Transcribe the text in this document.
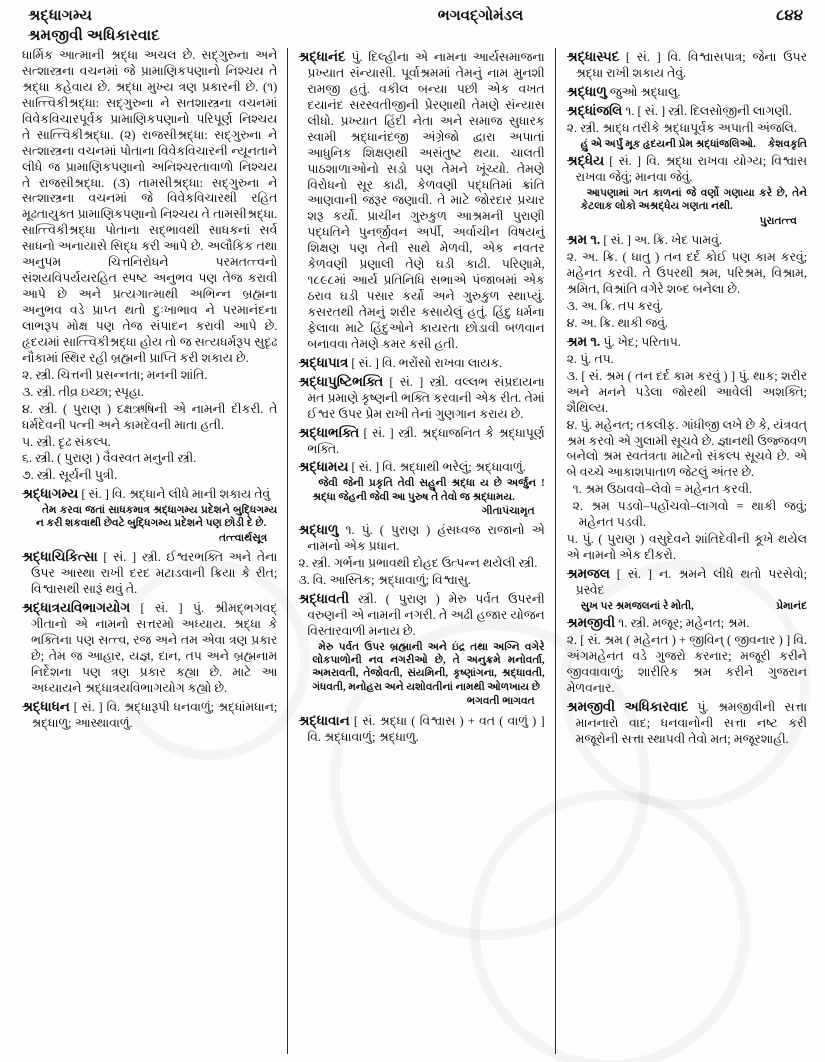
શ્રદ્ધાગમ્ય
શ્રમજીવી અધિકારવાદ
ભગવદ્ગોમંડલ	૮૪૪

ધાર્મિક આત્માની શ્રદ્ધા અચલ છે. સદ્ગુરુના અને સત્શાસ્ત્રના વચનમાં જે પ્રામાણિકપણાનો નિશ્ચય તે શ્રદ્ધા કહેવાય છે. શ્રદ્ધા મુખ્ય ત્રણ પ્રકારની છે. (૧) સાત્ત્વિકીશ્રદ્ધા: સદ્ગુરુના ને સતશાસ્ત્રના વચનમાં વિવેકવિચારપૂર્વક પ્રામાણિકપણાનો પરિપૂર્ણ નિશ્ચય તે સાત્ત્વિકીશ્રદ્ધા. (૨) રાજસીશ્રદ્ધા: સદ્ગુરુના ને સત્શાસ્ત્રના વચનમાં પોતાના વિવેકવિચારની ન્યૂનતાને લીધે જ પ્રામાણિકપણાનો અનિશ્ચરતાવાળો નિશ્ચય તે રાજસીશ્રદ્ધા. (૩) તામસીશ્રદ્ધા: સદ્ગુરુના ને સત્શાસ્ત્રના વચનમાં જે વિવેકવિચારથી રહિત મૂઢતાયુક્ત પ્રામાણિકપણાનો નિશ્ચય તે તામસીશ્રદ્ધા. સાત્ત્વિકીશ્રદ્ધા પોતાના સદ્ભાવથી સાધકનાં સર્વ સાધનો અનાયાસે સિદ્ધ કરી આપે છે. અલૌકિક તથા અનુપમ ચિત્તનિરોધને પરમતત્ત્વનો સંશયવિપર્યયરહિત સ્પષ્ટ અનુભવ પણ તેજ કરાવી આપે છે અને પ્રત્યગાત્માથી અભિન્ન બ્રહ્મના અનુભવ વડે પ્રાપ્ત થતો દુઃખાભાવ ને પરમાનંદના લાભરૂપ મોક્ષ પણ તેજ સંપાદન કરાવી આપે છે. હૃદયમાં સાત્ત્વિકીશ્રદ્ધા હોય તો જ સત્યધર્મરૂપ સુદૃઢ નૌકામાં સ્થિર રહી બ્રહ્મની પ્રાપ્તિ કરી શકાય છે.

૨. સ્ત્રી. ચિત્તની પ્રસન્નતા; મનની શાંતિ.

૩. સ્ત્રી. તીવ્ર ઇચ્છા; સ્પૃહા.

૪. સ્ત્રી. ( પુરાણ ) દક્ષઋષિની એ નામની દીકરી. તે ધર્મદેવની પત્ની અને કામદેવની માતા હતી.

૫. સ્ત્રી. દૃઢ સંકલ્પ.

૬. સ્ત્રી. ( પુરાણ ) વૈવસ્વત મનુની સ્ત્રી.

૭. સ્ત્રી. સૂર્યની પુત્રી.

શ્રદ્ધાગમ્ય [ સં. ] વિ. શ્રદ્ધાને લીધે માની શકાય તેવું

તેમ કરવા જતાં સાધકમાત્ર શ્રદ્ધાગમ્ય પ્રદેશને બુદ્ધિગમ્ય ન કરી શકવાથી છેવટે બુદ્ધિગમ્ય પ્રદેશને પણ છોડી દે છે.

તત્ત્વાર્થસૂત્ર

શ્રદ્ધાચિકિત્સા [ સં. ] સ્ત્રી. ઈશ્વરભક્તિ અને તેના ઉપર આસ્થા રાખી દરદ મટાડવાની ક્રિયા કે રીત; વિશ્વાસથી સારૂં થવું તે.

શ્રદ્ધાત્રયવિભાગયોગ [ સં. ] પું. શ્રીમદ્ભગવદ્ ગીતાનો એ નામનો સત્તરમો અધ્યાય. શ્રદ્ધા કે ભક્તિના પણ સત્ત્વ, રજ અને તમ એવા ત્રણ પ્રકાર છે; તેમ જ આહાર, યજ્ઞ, દાન, તપ અને બ્રહ્મનામ નિર્દેશના પણ ત્રણ પ્રકાર કહ્યા છે. માટે આ અધ્યાયને શ્રદ્ધાત્રયવિભાગયોગ કહ્યો છે.

શ્રદ્ધાધન [ સં. ] વિ. શ્રદ્ધારૂપી ધનવાળું; શ્રદ્ધાંમધાન; શ્રદ્ધાળુ; આસ્થાવાળું.

શ્રદ્ધાનંદ પું. દિલ્હીના એ નામના આર્યસમાજના પ્રખ્યાત સંન્યાસી. પૂર્વાશ્રમમાં તેમનું નામ મુનશી રામજી હતું. વકીલ બન્યા પછી એક વખત દયાનંદ સરસ્વતીજીની પ્રેરણાથી તેમણે સંન્યાસ લીધો. પ્રખ્યાત હિંદી નેતા અને સમાજ સુધારક સ્વામી શ્રદ્ધાનંદજી અંગ્રેજો દ્વારા અપાતાં આધુનિક શિક્ષણથી અસંતુષ્ટ થયા. ચાલતી પાઠશાળાઓનો સડો પણ તેમને ખૂંચ્યો. તેમણે વિરોધનો સૂર કાઢી, કેળવણી પદ્ધતિમાં ક્રાંતિ આણવાની જરૂર જણાવી. તે માટે જોરદાર પ્રચાર શરૂ કર્યો. પ્રાચીન ગુરુકુળ આશ્રમની પુરાણી પદ્ધતિને પુનર્જીવન અર્પી, અર્વાચીન વિષયનું શિક્ષણ પણ તેની સાથે મેળવી, એક નવતર કેળવણી પ્રણાલી તેણે ઘડી કાઢી. પરિણામે, ૧૮૯૮માં આર્ય પ્રતિનિધિ સભાએ પંજાબમાં એક ઠરાવ ઘડી પસાર કર્યો અને ગુરુકુળ સ્થાપ્યું. કસરતથી તેમનું શરીર કસાયેલું હતું. હિંદુ ધર્મના ફેલાવા માટે હિંદુઓને કાયરતા છોડાવી બળવાન બનાવવા તેમણે કમર કસી હતી.

શ્રદ્ધાપાત્ર [ સં. ] વિ. ભરોંસો રાખવા લાયક.

શ્રદ્ધાપુષ્ટિભક્તિ [ સં. ] સ્ત્રી. વલ્લભ સંપ્રદાયના મત પ્રમાણે કૃષ્ણની ભક્તિ કરવાની એક રીત. તેમાં ઈશ્વર ઉપર પ્રેમ રાખી તેનાં ગુણગાન કરાય છે.

શ્રદ્ધાભક્તિ [ સં. ] સ્ત્રી. શ્રદ્ધાજનિત કે શ્રદ્ધાપૂર્ણ ભક્તિ.

શ્રદ્ધામય [ સં. ] વિ. શ્રદ્ધાથી ભરેલું; શ્રદ્ધાવાળું.

જેવી જેની પ્રકૃતિ તેવી સહુની શ્રદ્ધા ય છે અર્જુન ! શ્રદ્ધા જેહની જેવી આ પુરુષ તે તેવો જ શ્રદ્ધામય.

ગીતાપંચામૃત

શ્રદ્ધાળુ ૧. પું. ( પુરાણ ) હંસધ્વજ રાજાનો એ નામનો એક પ્રધાન.

૨. સ્ત્રી. ગર્ભના પ્રભાવથી દોહદ ઉત્પન્ન થયેલી સ્ત્રી.

૩. વિ. આસ્તિક; શ્રદ્ધાવાળું; વિશ્વાસુ.

શ્રદ્ધાવતી સ્ત્રી. ( પુરાણ ) મેરુ પર્વત ઉપરની વરુણની એ નામની નગરી. તે અઢી હજાર યોજન વિસ્તારવાળી મનાય છે.

મેરુ પર્વત ઉપર બ્રહ્માની અને ઇંદ્ર તથા અગ્નિ વગેરે લોકપાળોની નવ નગરીઓ છે, તે અનુક્રમે મનોવર્તા, અમરાવતી, તેજોવતી, સંયમિની, કૃષ્ણાંગના, શ્રદ્ધાવતી, ગંધવતી, મનોહરા અને યશોવતીનાં નામથી ઓળખાય છે

ભગવતી ભાગવત

શ્રદ્ધાવાન [ સં. શ્રદ્ધા ( વિશ્વાસ ) + વત ( વાળું ) ] વિ. શ્રદ્ધાવાળું; શ્રદ્ધાળુ.

શ્રદ્ધાસ્પદ [ સં. ] વિ. વિશ્વાસપાત્ર; જેના ઉપર શ્રદ્ધા રાખી શકાય તેવું.

શ્રદ્ધાળુ જુઓ શ્રદ્ધાલુ.

શ્રદ્ધાંજલિ ૧. [ સં. ] સ્ત્રી. દિલસોજીની લાગણી.

૨. સ્ત્રી. શ્રાદ્ધ તરીકે શ્રદ્ધાપૂર્વક અપાતી અંજલિ.

હું એ અર્પું મૂક હૃદયની પ્રેમ શ્રદ્ધાંજલિઓ. કેશવકૃતિ

શ્રદ્ધેય [ સં. ] વિ. શ્રદ્ધા રાખવા યોગ્ય; વિશ્વાસ રાખવા જેવું; માનવા જેવું.

આપણામાં ગત કાળનાં જે વર્ણો ગણાયા કરે છે, તેને કેટલાક લોકો અશ્રદ્ધેય ગણતા નથી.

પુરાતત્ત્વ

શ્રમ ૧. [ સં. ] અ. ક્રિ. ખેદ પામવું.

૨. અ. ક્રિ. ( ધાતુ ) તન દર્દ કોઈ પણ કામ કરવું; મહેનત કરવી. તે ઉપરથી શ્રમ, પરિશ્રમ, વિશ્રામ, શ્રમિત, વિશ્રાંતિ વગેરે શબ્દ બનેલા છે.

૩. અ. ક્રિ. તપ કરવું.

૪. અ. ક્રિ. થાકી જવું.

શ્રમ ૧. પું. ખેદ; પરિતાપ.

૨. પું. તપ.

૩. [ સં. શ્રમ ( તન દર્દ કામ કરવું ) ] પું. થાક; શરીર અને મનને પડેલા જોરથી આવેલી અશક્તિ; શૈથિલ્ય.

૪. પું. મહેનત; તકલીફ. ગાંધીજી લખે છે કે, યંત્રવત્ શ્રમ કરવો એ ગુલામી સૂચવે છે. જ્ઞાનથી ઉજ્જવળ બનેલો શ્રમ સ્વતંત્રતા માટેનો સંકલ્પ સૂચવે છે. એ બે વચ્ચે આકાશપાતાળ જેટલું અંતર છે.

૧. શ્રમ ઉઠાવવો–લેવો = મહેનત કરવી.

૨. શ્રમ પડવો–પહોંચવો–લાગવો = થાકી જવું; મહેનત પડવી.

૫. પું. ( પુરાણ ) વસુદેવને શાંતિદેવીની કૂખે થયેલ એ નામનો એક દીકરો.

શ્રમજલ [ સં. ] ન. શ્રમને લીધે થતો પરસેવો; પ્રસ્વેદ

સુખ પર શ્રમજલનાં રે મોતી,	પ્રેમાનંદ

શ્રમજીવી ૧. સ્ત્રી. મજૂર; મહેનત; શ્રમ.

૨. [ સં. શ્રમ ( મહેનત ) + જીવિન્ ( જીવનાર ) ] વિ. અંગમહેનત વડે ગુજરો કરનાર; મજૂરી કરીને જીવવાવાળું; શારીરિક શ્રમ કરીને ગુજરાન મેળવનાર.

શ્રમજીવી અધિકારવાદ પું. શ્રમજીવીની સત્તા માનનારો વાદ; ધનવાનોની સત્તા નષ્ટ કરી મજૂરોની સત્તા સ્થાપવી તેવો મત; મજૂરશાહી.
